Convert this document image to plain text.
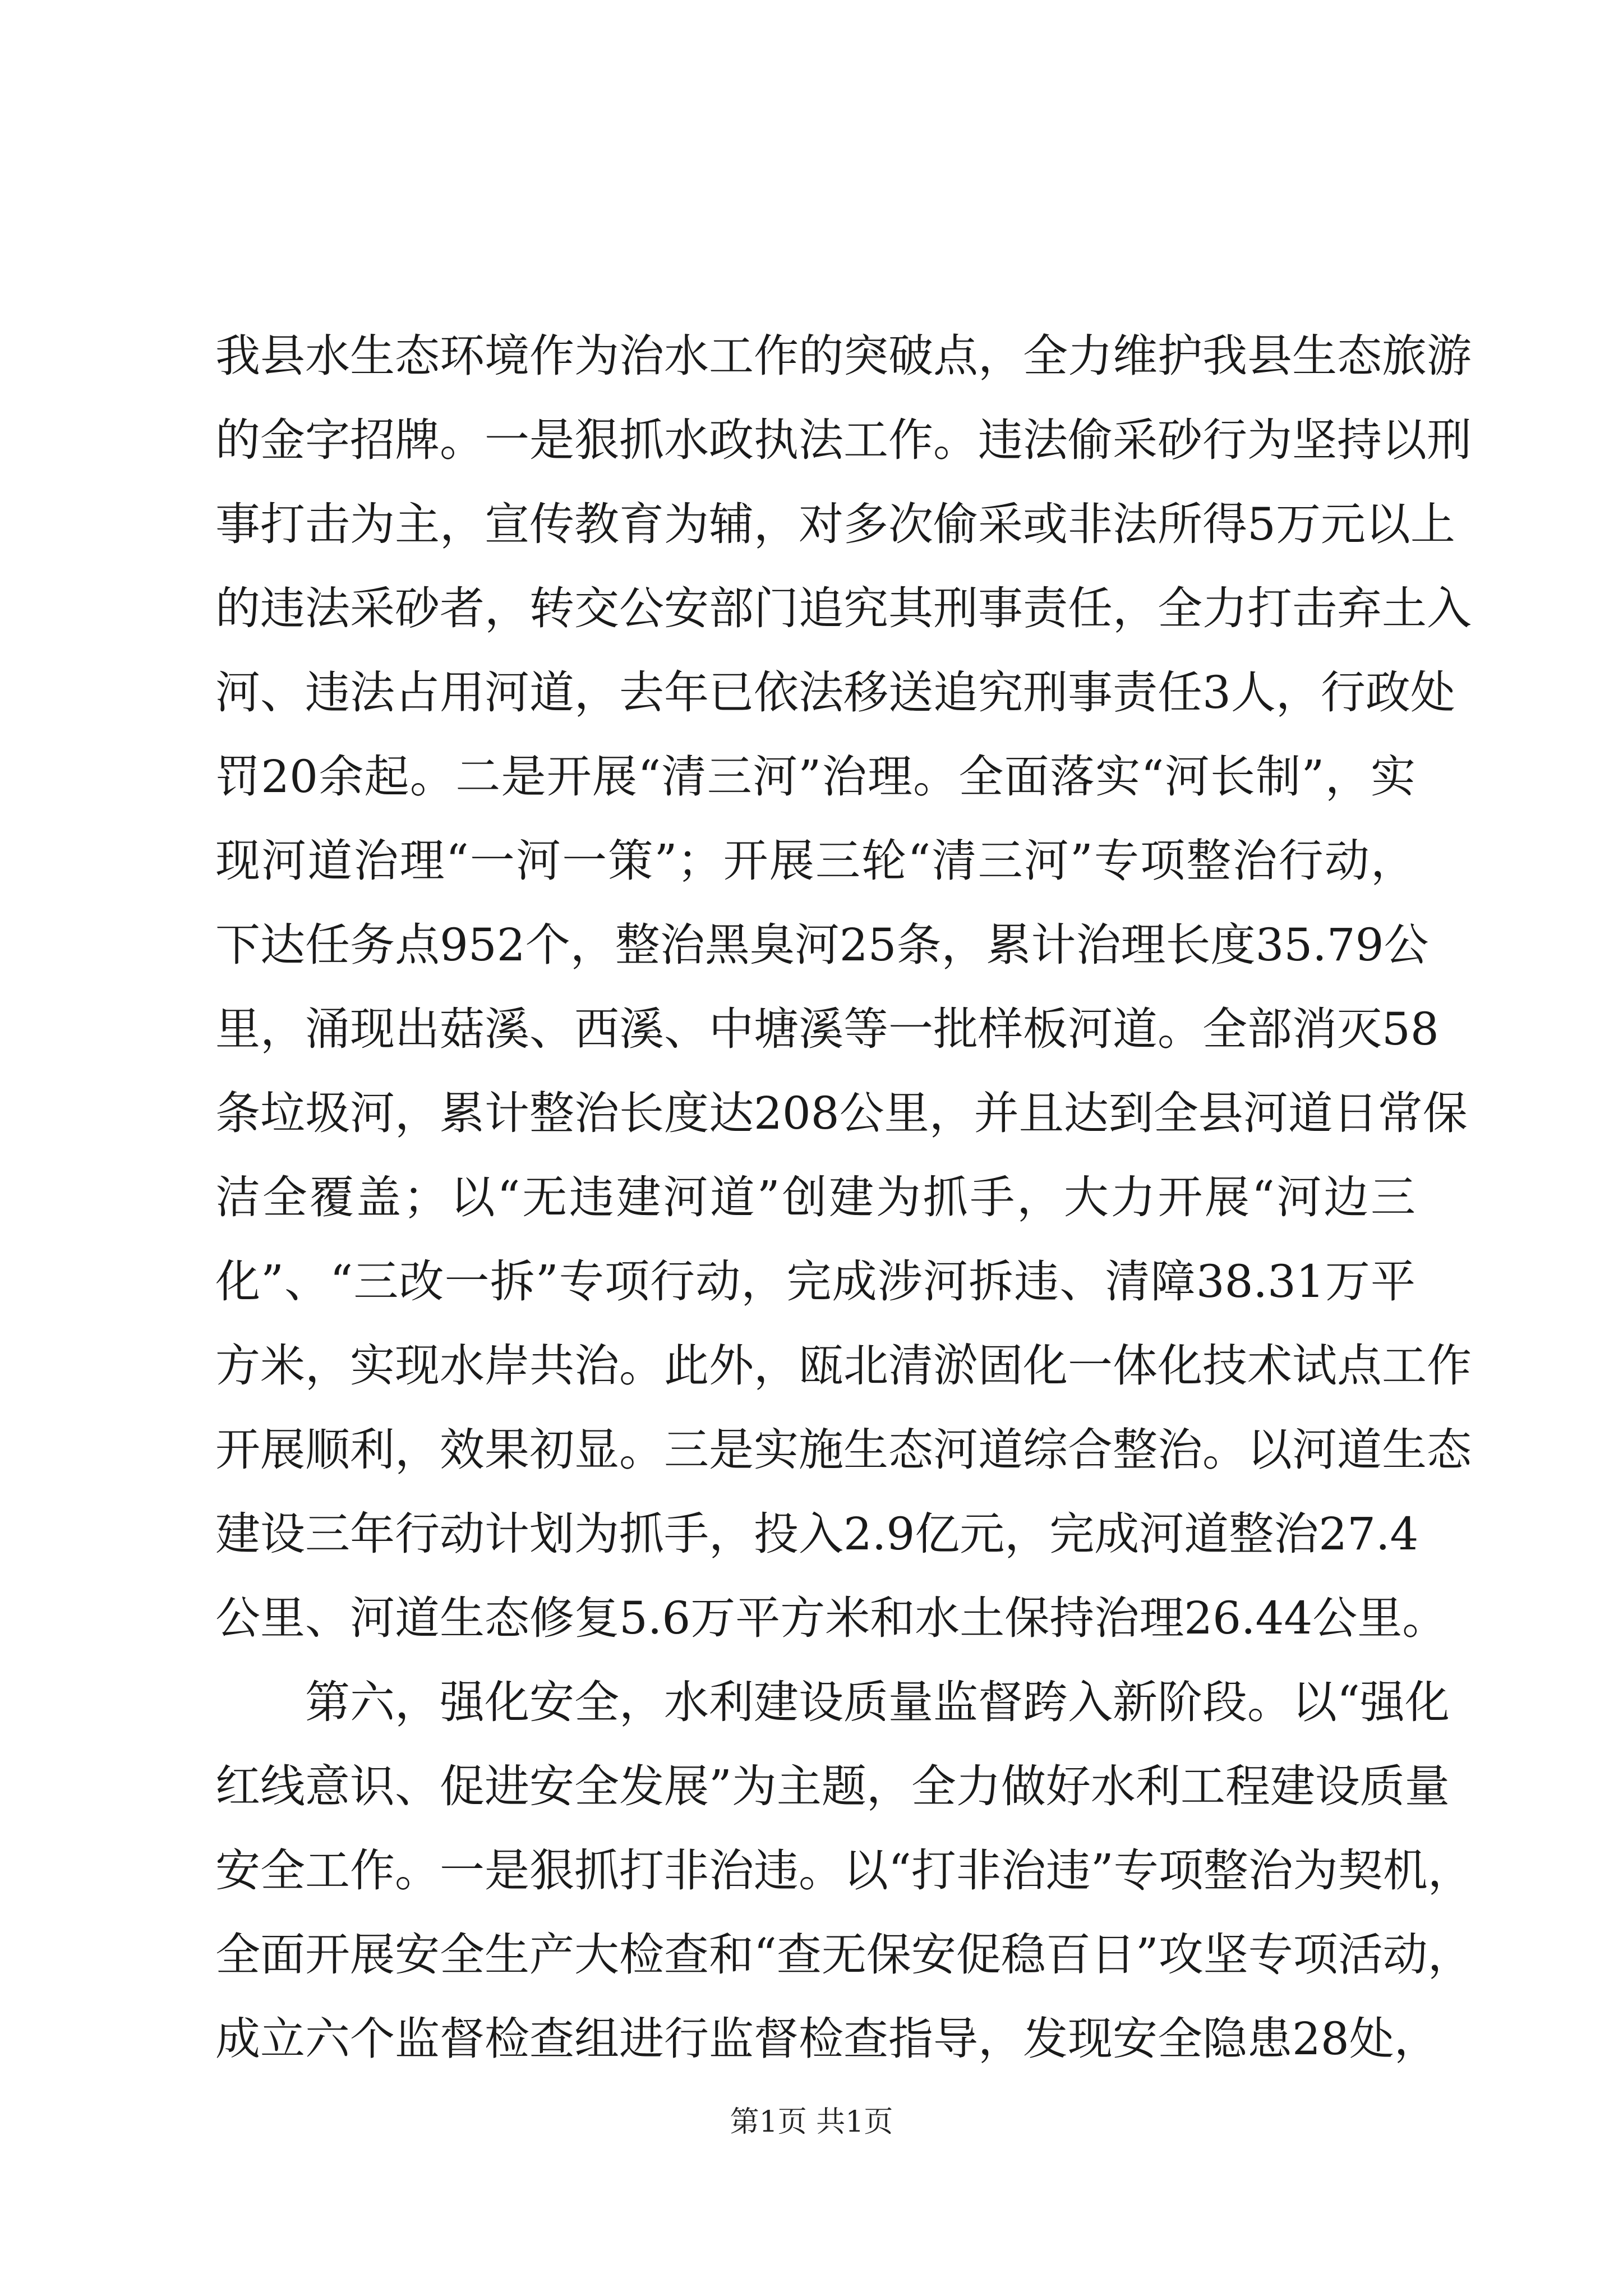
我县水生态环境作为治水工作的突破点，全力维护我县生态旅游
的金字招牌。一是狠抓水政执法工作。违法偷采砂行为坚持以刑
事打击为主，宣传教育为辅，对多次偷采或非法所得5万元以上
的违法采砂者，转交公安部门追究其刑事责任，全力打击弃土入
河、违法占用河道，去年已依法移送追究刑事责任3人，行政处
罚20余起。二是开展“清三河”治理。全面落实“河长制”，实
现河道治理“一河一策”；开展三轮“清三河”专项整治行动，
下达任务点952个，整治黑臭河25条，累计治理长度35.79公
里，涌现出菇溪、西溪、中塘溪等一批样板河道。全部消灭58
条垃圾河，累计整治长度达208公里，并且达到全县河道日常保
洁全覆盖；以“无违建河道”创建为抓手，大力开展“河边三
化”、“三改一拆”专项行动，完成涉河拆违、清障38.31万平
方米，实现水岸共治。此外，瓯北清淤固化一体化技术试点工作
开展顺利，效果初显。三是实施生态河道综合整治。以河道生态
建设三年行动计划为抓手，投入2.9亿元，完成河道整治27.4
公里、河道生态修复5.6万平方米和水土保持治理26.44公里。
　　第六，强化安全，水利建设质量监督跨入新阶段。以“强化
红线意识、促进安全发展”为主题，全力做好水利工程建设质量
安全工作。一是狠抓打非治违。以“打非治违”专项整治为契机，
全面开展安全生产大检查和“查无保安促稳百日”攻坚专项活动，
成立六个监督检查组进行监督检查指导，发现安全隐患28处，
第1页 共1页
